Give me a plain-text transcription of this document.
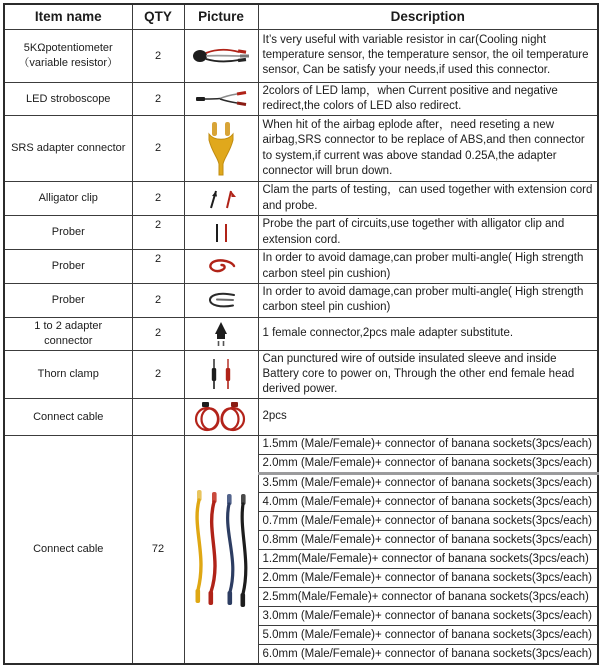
Item name	QTY	Picture	Description
5KΩpotentiometer（variable resistor）	2		It’s very useful with variable resistor in car(Cooling night temperature sensor, the temperature sensor, the oil temperature sensor, Can be satisfy your needs,if used this connector.
LED stroboscope	2		2colors of LED lamp，when Current positive and negative redirect,the colors of LED also redirect.
SRS adapter connector	2		When hit of the airbag eplode after，need reseting a new airbag,SRS connector to be replace of ABS,and then connector to system,if current was above standad 0.25A,the adapter connector will brun down.
Alligator clip	2		Clam the parts of testing，can used together with extension cord and probe.
Prober	2		Probe the part of circuits,use together with alligator clip and extension cord.
Prober	2		In order to avoid damage,can prober multi-angle( High strength carbon steel pin cushion)
Prober	2		In order to avoid damage,can prober multi-angle( High strength carbon steel pin cushion)
1 to 2 adapter connector	2		1 female connector,2pcs male adapter substitute.
Thorn clamp	2		Can punctured wire of outside insulated sleeve and inside Battery core to power on, Through the other end female head derived power.
Connect cable			2pcs
Connect cable	72		1.5mm (Male/Female)+ connector of banana sockets(3pcs/each)
			2.0mm (Male/Female)+ connector of banana sockets(3pcs/each)
			3.5mm (Male/Female)+ connector of banana sockets(3pcs/each)
			4.0mm (Male/Female)+ connector of banana sockets(3pcs/each)
			0.7mm (Male/Female)+ connector of banana sockets(3pcs/each)
			0.8mm (Male/Female)+ connector of banana sockets(3pcs/each)
			1.2mm(Male/Female)+ connector of banana sockets(3pcs/each)
			2.0mm (Male/Female)+ connector of banana sockets(3pcs/each)
			2.5mm(Male/Female)+ connector of banana sockets(3pcs/each)
			3.0mm (Male/Female)+ connector of banana sockets(3pcs/each)
			5.0mm (Male/Female)+ connector of banana sockets(3pcs/each)
			6.0mm (Male/Female)+ connector of banana sockets(3pcs/each)
